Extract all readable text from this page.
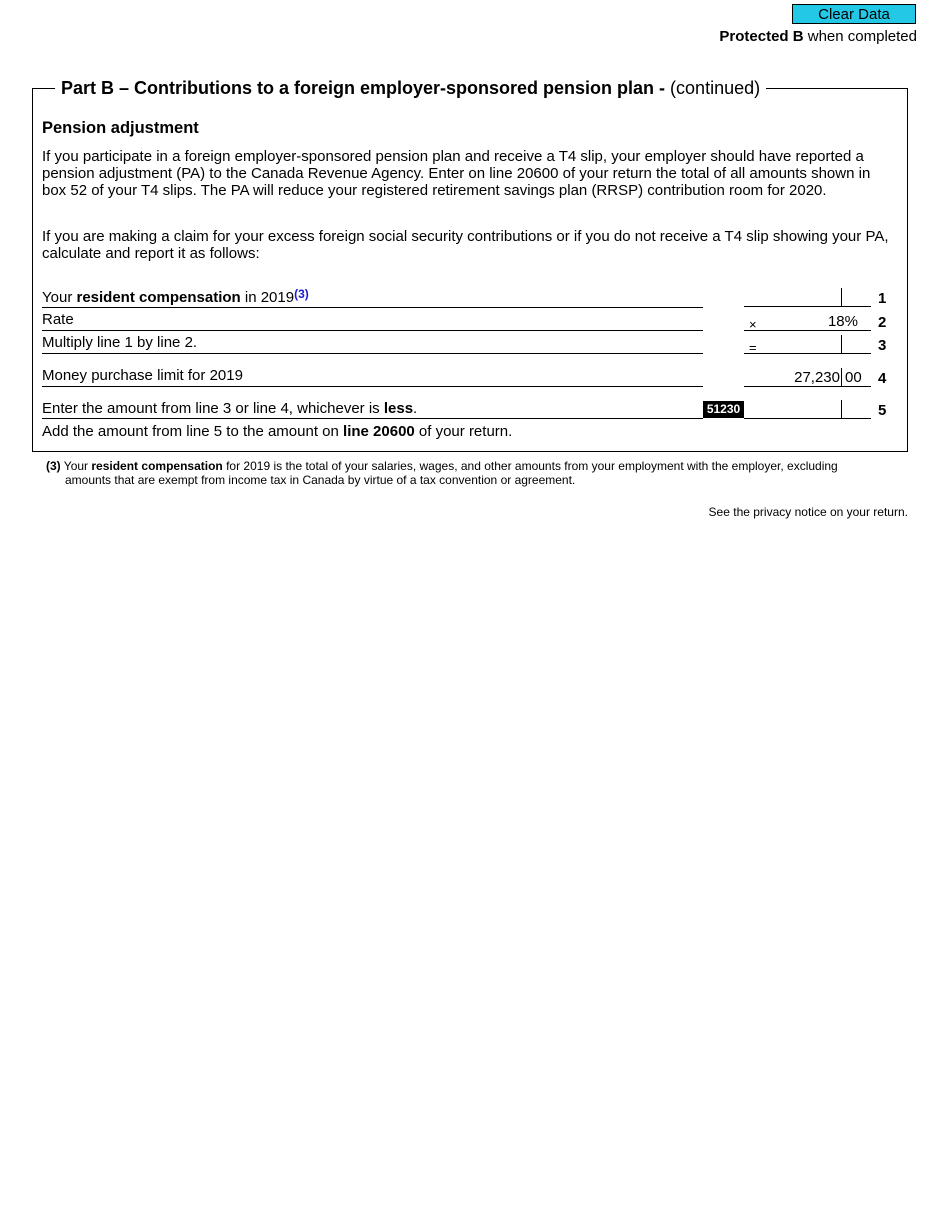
Clear Data
Protected B when completed
Part B – Contributions to a foreign employer-sponsored pension plan - (continued)
Pension adjustment
If you participate in a foreign employer-sponsored pension plan and receive a T4 slip, your employer should have reported a pension adjustment (PA) to the Canada Revenue Agency. Enter on line 20600 of your return the total of all amounts shown in box 52 of your T4 slips. The PA will reduce your registered retirement savings plan (RRSP) contribution room for 2020.
If you are making a claim for your excess foreign social security contributions or if you do not receive a T4 slip showing your PA, calculate and report it as follows:
Your resident compensation in 2019$^{(3)}$	1
Rate	×	18% 2
Multiply line 1 by line 2.	=	3
Money purchase limit for 2019	27,230 00 4
Enter the amount from line 3 or line 4, whichever is less.	51230	5
Add the amount from line 5 to the amount on line 20600 of your return.
(3) Your resident compensation for 2019 is the total of your salaries, wages, and other amounts from your employment with the employer, excluding
amounts that are exempt from income tax in Canada by virtue of a tax convention or agreement.
See the privacy notice on your return.
